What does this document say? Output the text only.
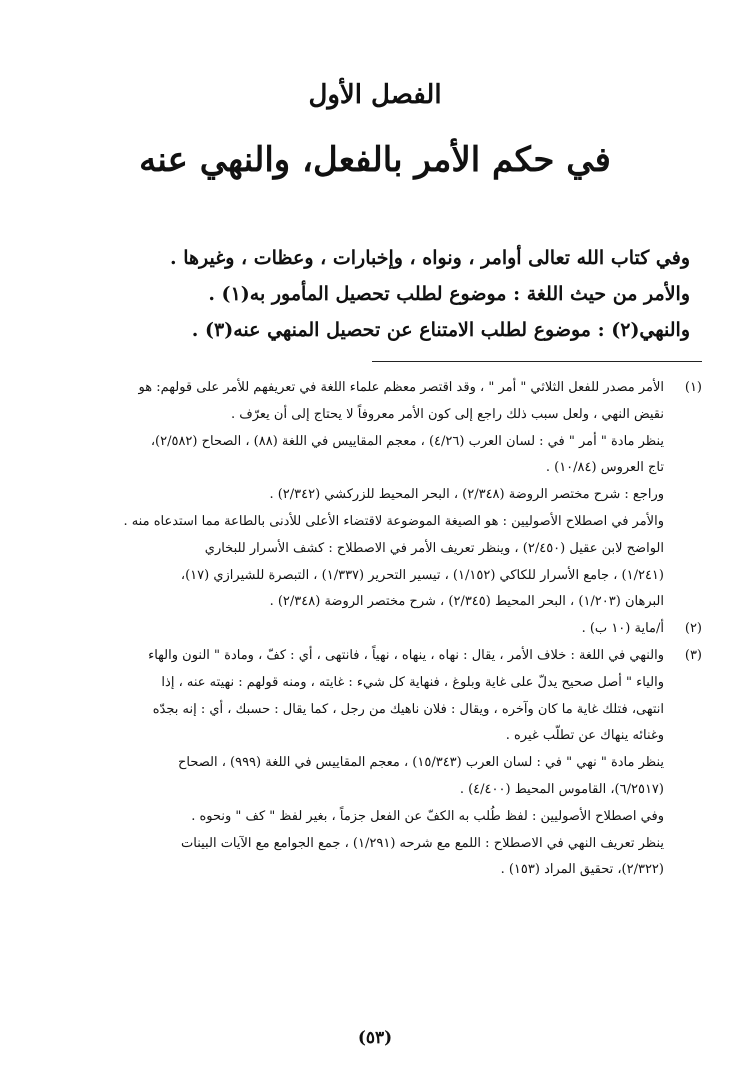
الفصل الأول
في حكم الأمر بالفعل، والنهي عنه
وفي كتاب الله تعالى أوامر ، ونواه ، وإخبارات ، وعظات ، وغيرها .
والأمر من حيث اللغة : موضوع لطلب تحصيل المأمور به(١) .
والنهي(٢) : موضوع لطلب الامتناع عن تحصيل المنهي عنه(٣) .
(١)الأمر مصدر للفعل الثلاثي " أمر " ، وقد اقتصر معظم علماء اللغة في تعريفهم للأمر على قولهم: هو
نقيض النهي ، ولعل سبب ذلك راجع إلى كون الأمر معروفاً لا يحتاج إلى أن يعرّف .
ينظر مادة " أمر " في : لسان العرب (٤/٢٦) ، معجم المقاييس في اللغة (٨٨) ، الصحاح (٢/٥٨٢)،
تاج العروس (١٠/٨٤) .
وراجع : شرح مختصر الروضة (٢/٣٤٨) ، البحر المحيط للزركشي (٢/٣٤٢) .
والأمر في اصطلاح الأصوليين : هو الصيغة الموضوعة لاقتضاء الأعلى للأدنى بالطاعة مما استدعاه منه .
الواضح لابن عقيل (٢/٤٥٠) ، وينظر تعريف الأمر في الاصطلاح : كشف الأسرار للبخاري
(١/٢٤١) ، جامع الأسرار للكاكي (١/١٥٢) ، تيسير التحرير (١/٣٣٧) ، التبصرة للشيرازي (١٧)،
البرهان (١/٢٠٣) ، البحر المحيط (٢/٣٤٥) ، شرح مختصر الروضة (٢/٣٤٨) .
(٢)أ/ماية (١٠ ب) .
(٣)والنهي في اللغة : خلاف الأمر ، يقال : نهاه ، ينهاه ، نهياً ، فانتهى ، أي : كفّ ، ومادة " النون والهاء
والياء " أصل صحيح يدلّ على غاية وبلوغ ، فنهاية كل شيء : غايته ، ومنه قولهم : نهيته عنه ، إذا
انتهى، فتلك غاية ما كان وآخره ، ويقال : فلان ناهيك من رجل ، كما يقال : حسبك ، أي : إنه بجدّه
وغنائه ينهاك عن تطلّب غيره .
ينظر مادة " نهي " في : لسان العرب (١٥/٣٤٣) ، معجم المقاييس في اللغة (٩٩٩) ، الصحاح
(٦/٢٥١٧)، القاموس المحيط (٤/٤٠٠) .
وفي اصطلاح الأصوليين : لفظ طُلب به الكفّ عن الفعل جزماً ، بغير لفظ " كف " ونحوه .
ينظر تعريف النهي في الاصطلاح : اللمع مع شرحه (١/٢٩١) ، جمع الجوامع مع الآيات البينات
(٢/٣٢٢)، تحقيق المراد (١٥٣) .
(٥٣)
